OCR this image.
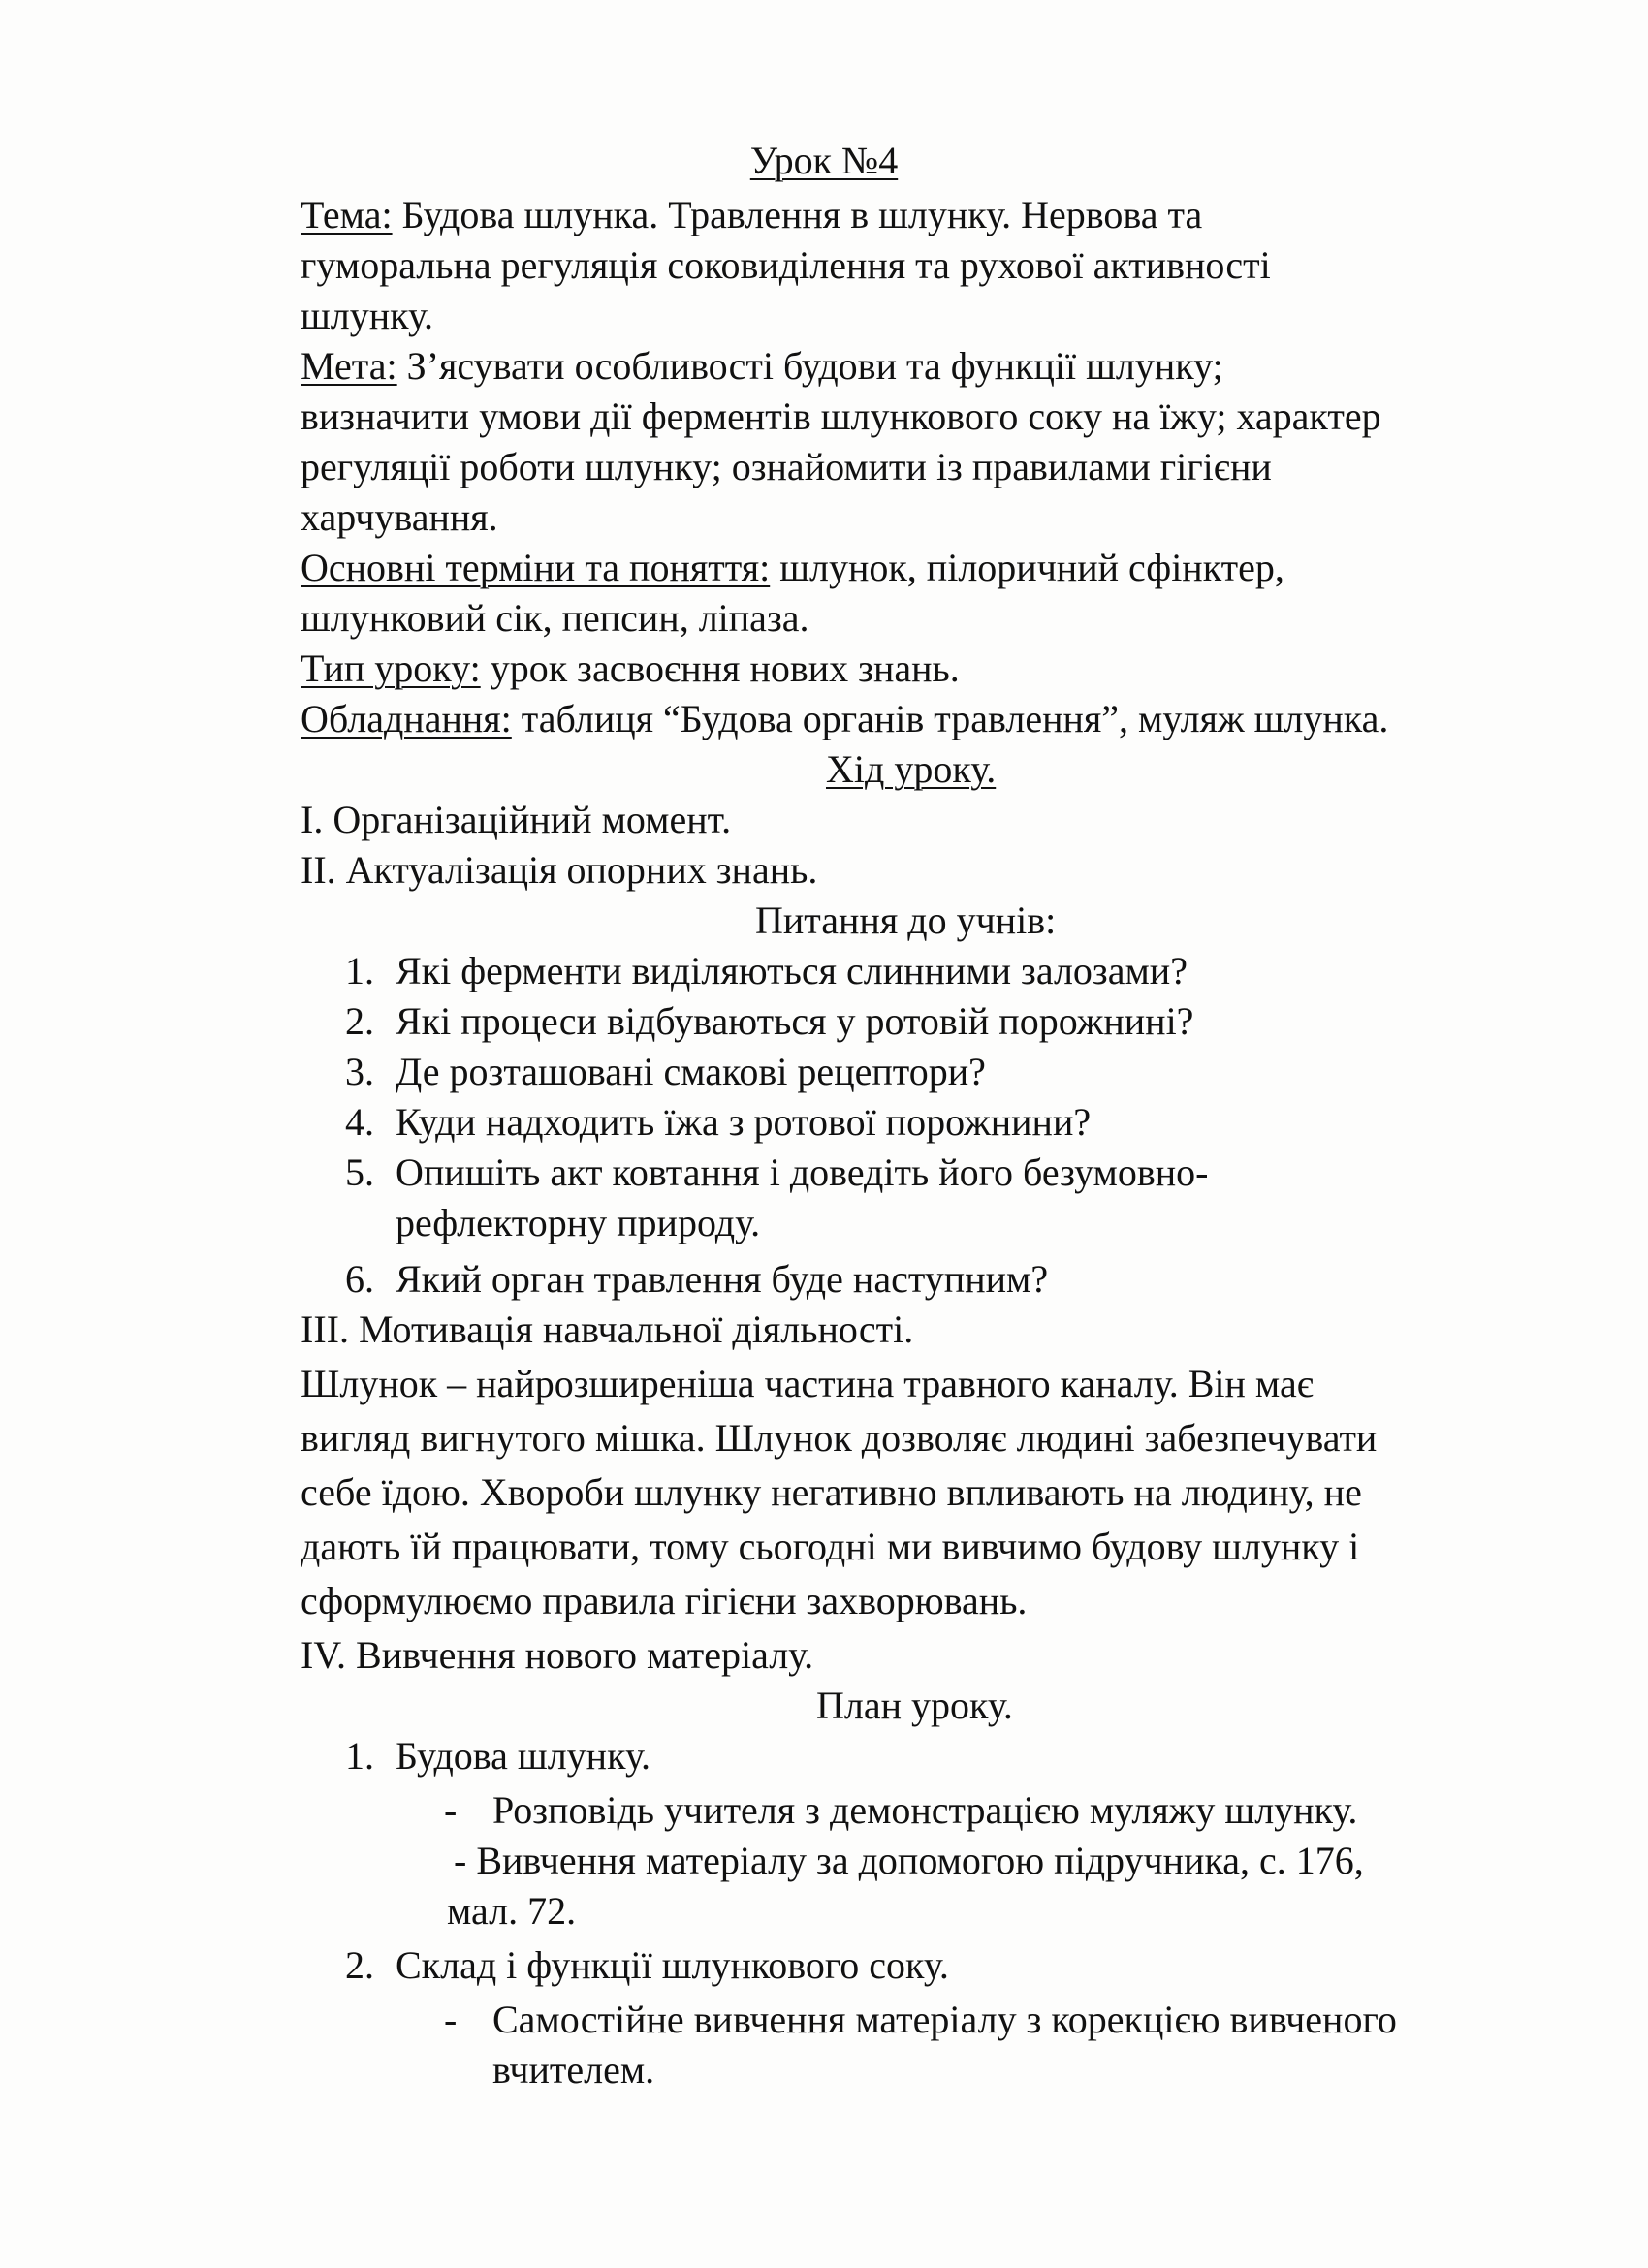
Урок №4
Тема: Будова шлунка. Травлення в шлунку. Нервова та
гуморальна регуляція соковиділення та рухової активності
шлунку.
Мета: З’ясувати особливості будови та функції шлунку;
визначити умови дії ферментів шлункового соку на їжу; характер
регуляції роботи шлунку; ознайомити із правилами гігієни
харчування.
Основні терміни та поняття: шлунок, пілоричний сфінктер,
шлунковий сік, пепсин, ліпаза.
Тип уроку: урок засвоєння нових знань.
Обладнання: таблиця “Будова органів травлення”, муляж шлунка.
Хід уроку.
І. Організаційний момент.
ІІ. Актуалізація опорних знань.
Питання до учнів:
1. Які ферменти виділяються слинними залозами?
2. Які процеси відбуваються у ротовій порожнині?
3. Де розташовані смакові рецептори?
4. Куди надходить їжа з ротової порожнини?
5. Опишіть акт ковтання і доведіть його безумовно-
рефлекторну природу.
6. Який орган травлення буде наступним?
ІІІ. Мотивація навчальної діяльності.
Шлунок – найрозширеніша частина травного каналу. Він має
вигляд вигнутого мішка. Шлунок дозволяє людині забезпечувати
себе їдою. Хвороби шлунку негативно впливають на людину, не
дають їй працювати, тому сьогодні ми вивчимо будову шлунку і
сформулюємо правила гігієни захворювань.
IV. Вивчення нового матеріалу.
План уроку.
1. Будова шлунку.
- Розповідь учителя з демонстрацією муляжу шлунку.
- Вивчення матеріалу за допомогою підручника, с. 176,
мал. 72.
2. Склад і функції шлункового соку.
- Самостійне вивчення матеріалу з корекцією вивченого
вчителем.
